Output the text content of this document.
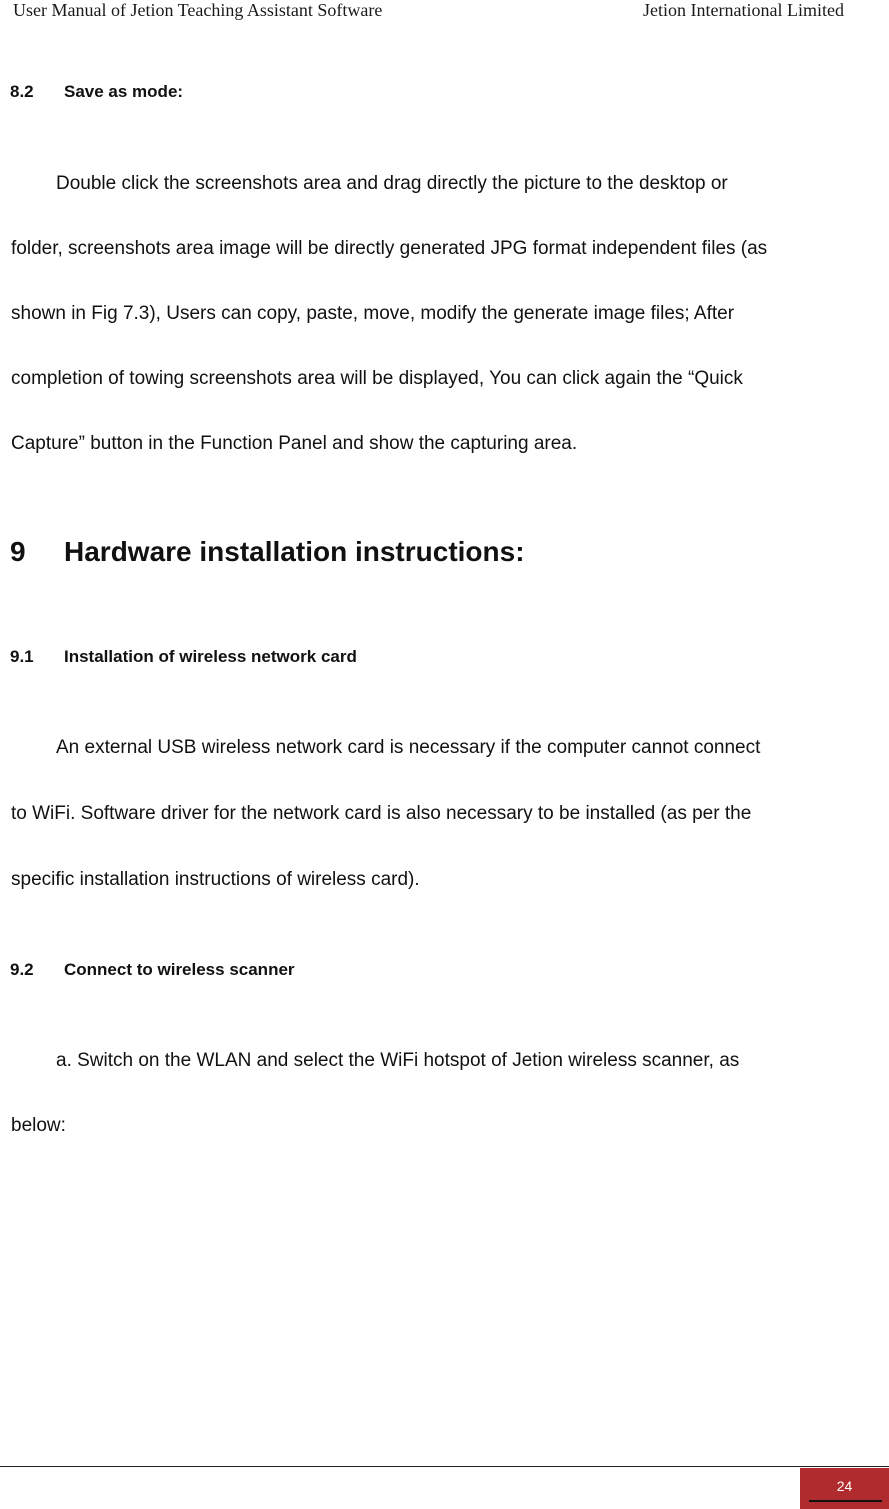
User Manual of Jetion Teaching Assistant Software	Jetion International Limited
8.2 Save as mode:
Double click the screenshots area and drag directly the picture to the desktop or
folder, screenshots area image will be directly generated JPG format independent files (as
shown in Fig 7.3), Users can copy, paste, move, modify the generate image files; After
completion of towing screenshots area will be displayed, You can click again the “Quick
Capture” button in the Function Panel and show the capturing area.
9 Hardware installation instructions:
9.1 Installation of wireless network card
An external USB wireless network card is necessary if the computer cannot connect
to WiFi. Software driver for the network card is also necessary to be installed (as per the
specific installation instructions of wireless card).
9.2 Connect to wireless scanner
a. Switch on the WLAN and select the WiFi hotspot of Jetion wireless scanner, as
below:
24
